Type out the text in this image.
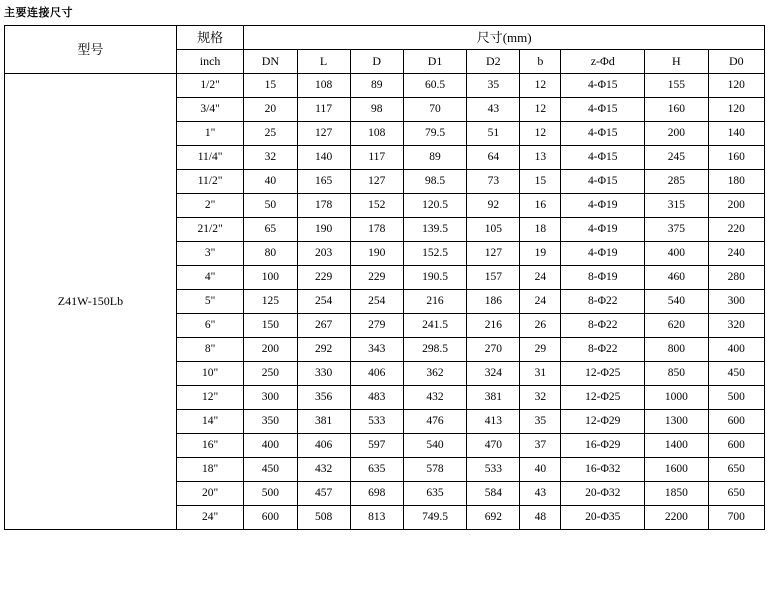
主要连接尺寸
型号	规格	尺寸(mm)								
	inch	DN	L	D	D1	D2	b	z-Φd	H	D0
Z41W-150Lb	1/2"	15	108	89	60.5	35	12	4-Φ15	155	120
	3/4"	20	117	98	70	43	12	4-Φ15	160	120
	1"	25	127	108	79.5	51	12	4-Φ15	200	140
	11/4"	32	140	117	89	64	13	4-Φ15	245	160
	11/2"	40	165	127	98.5	73	15	4-Φ15	285	180
	2"	50	178	152	120.5	92	16	4-Φ19	315	200
	21/2"	65	190	178	139.5	105	18	4-Φ19	375	220
	3"	80	203	190	152.5	127	19	4-Φ19	400	240
	4"	100	229	229	190.5	157	24	8-Φ19	460	280
	5"	125	254	254	216	186	24	8-Φ22	540	300
	6"	150	267	279	241.5	216	26	8-Φ22	620	320
	8"	200	292	343	298.5	270	29	8-Φ22	800	400
	10"	250	330	406	362	324	31	12-Φ25	850	450
	12"	300	356	483	432	381	32	12-Φ25	1000	500
	14"	350	381	533	476	413	35	12-Φ29	1300	600
	16"	400	406	597	540	470	37	16-Φ29	1400	600
	18"	450	432	635	578	533	40	16-Φ32	1600	650
	20"	500	457	698	635	584	43	20-Φ32	1850	650
	24"	600	508	813	749.5	692	48	20-Φ35	2200	700
